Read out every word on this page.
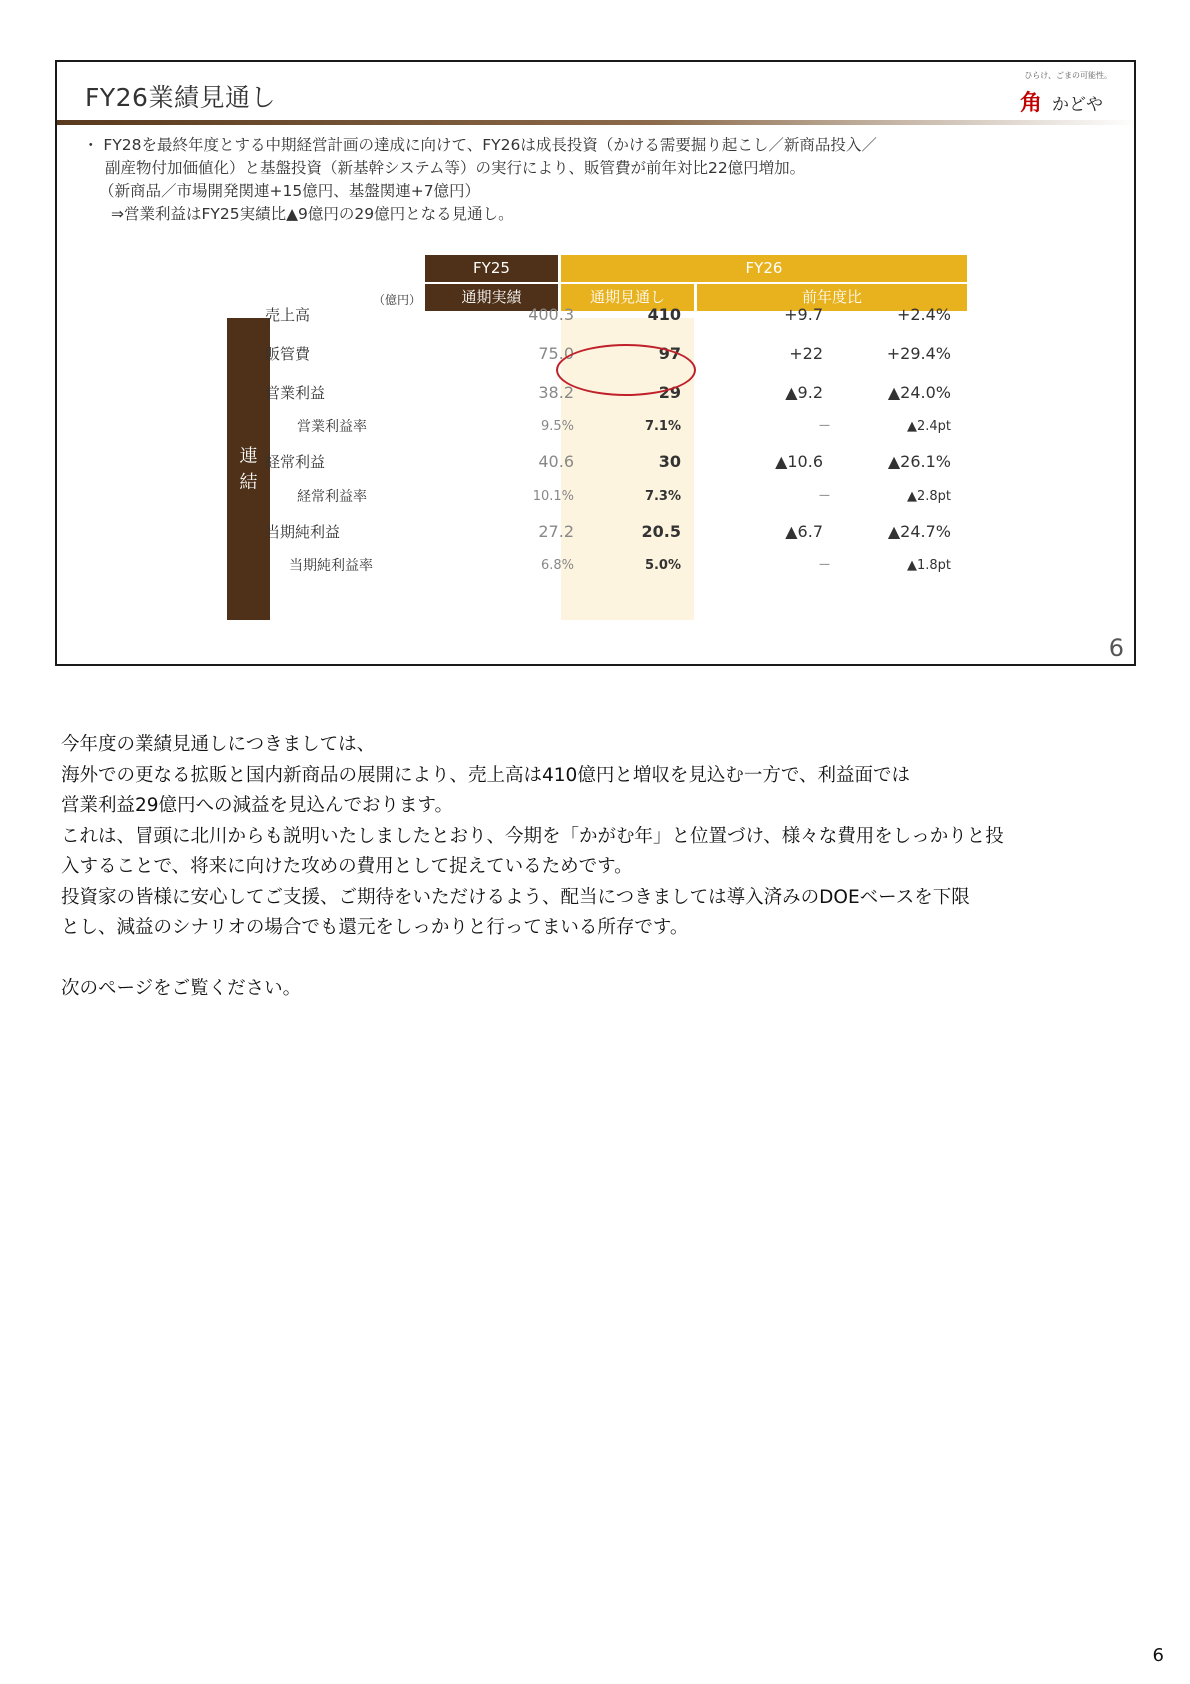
FY26業績見通し
ひらけ、ごまの可能性。
角 かどや
・ FY28を最終年度とする中期経営計画の達成に向けて、FY26は成長投資（かける需要掘り起こし／新商品投入／
副産物付加価値化）と基盤投資（新基幹システム等）の実行により、販管費が前年対比22億円増加。
（新商品／市場開発関連+15億円、基盤関連+7億円）
⇒営業利益はFY25実績比▲9億円の29億円となる見通し。
FY25	FY26
通期実績	通期見通し	前年度比
（億円）
連結
売上高	400.3	410	+9.7	+2.4%
販管費	75.0	97	+22	+29.4%
営業利益	38.2	29	▲9.2	▲24.0%
営業利益率	9.5%	7.1%	－	▲2.4pt
経常利益	40.6	30	▲10.6	▲26.1%
経常利益率	10.1%	7.3%	－	▲2.8pt
当期純利益	27.2	20.5	▲6.7	▲24.7%
当期純利益率	6.8%	5.0%	－	▲1.8pt
6
今年度の業績見通しにつきましては、
海外での更なる拡販と国内新商品の展開により、売上高は410億円と増収を見込む一方で、利益面では
営業利益29億円への減益を見込んでおります。
これは、冒頭に北川からも説明いたしましたとおり、今期を「かがむ年」と位置づけ、様々な費用をしっかりと投
入することで、将来に向けた攻めの費用として捉えているためです。
投資家の皆様に安心してご支援、ご期待をいただけるよう、配当につきましては導入済みのDOEベースを下限
とし、減益のシナリオの場合でも還元をしっかりと行ってまいる所存です。
次のページをご覧ください。
6
